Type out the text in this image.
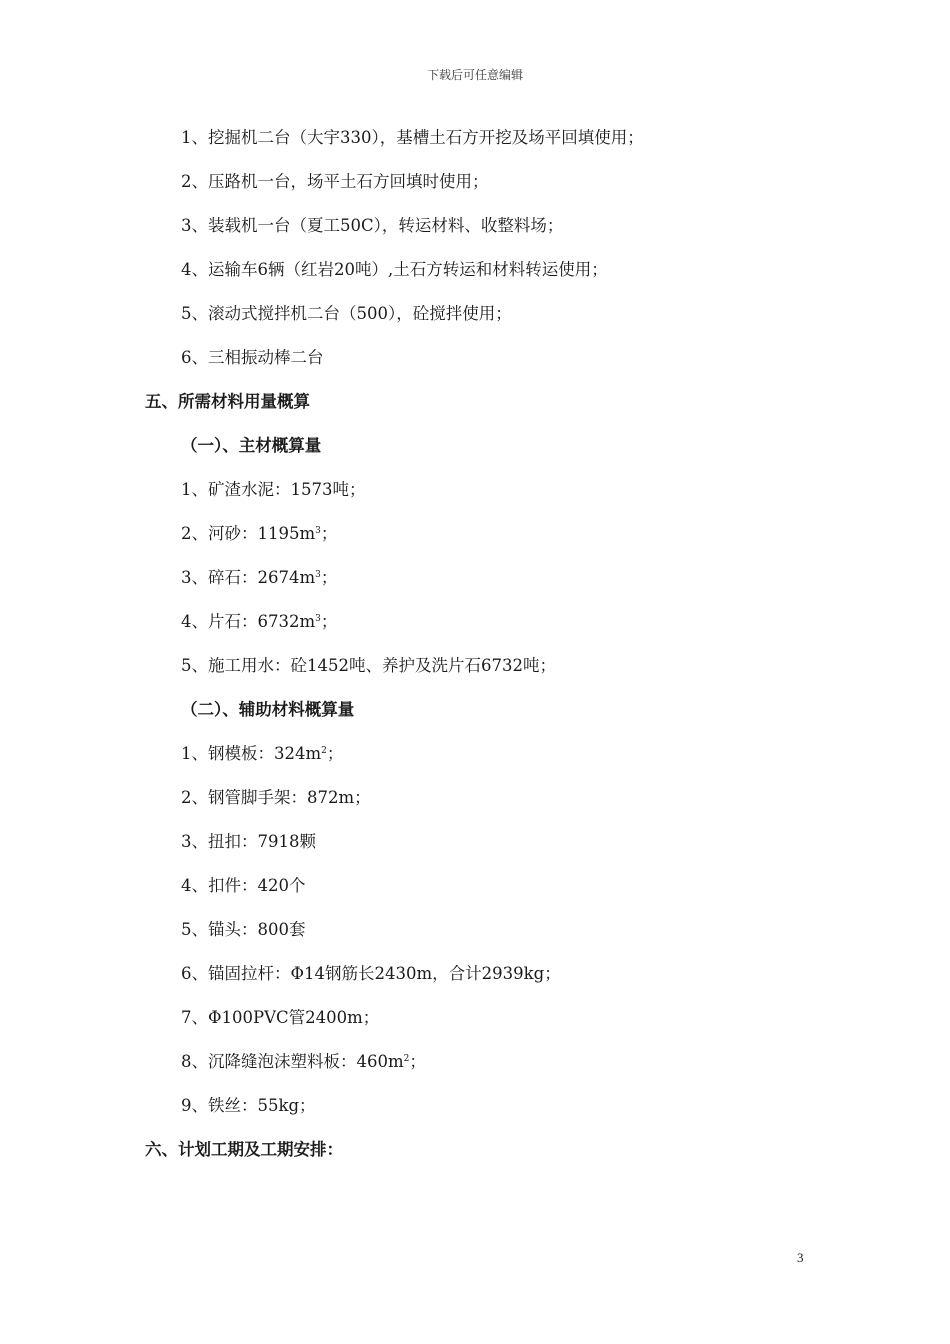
下载后可任意编辑
1、挖掘机二台（大宇330），基槽土石方开挖及场平回填使用；
2、压路机一台，场平土石方回填时使用；
3、装载机一台（夏工50C），转运材料、收整料场；
4、运输车6辆（红岩20吨）,土石方转运和材料转运使用；
5、滚动式搅拌机二台（500），砼搅拌使用；
6、三相振动棒二台
五、所需材料用量概算
（一）、主材概算量
1、矿渣水泥：1573吨；
2、河砂：$1195m^3$；
3、碎石：$2674m^3$；
4、片石：$6732m^3$；
5、施工用水：砼1452吨、养护及洗片石6732吨；
（二）、辅助材料概算量
1、钢模板：$324m^2$；
2、钢管脚手架：872m；
3、扭扣：7918颗
4、扣件：420个
5、锚头：800套
6、锚固拉杆：Φ14钢筋长2430m，合计2939kg；
7、Φ100PVC管2400m；
8、沉降缝泡沫塑料板：$460m^2$；
9、铁丝：55kg；
六、计划工期及工期安排：
3
